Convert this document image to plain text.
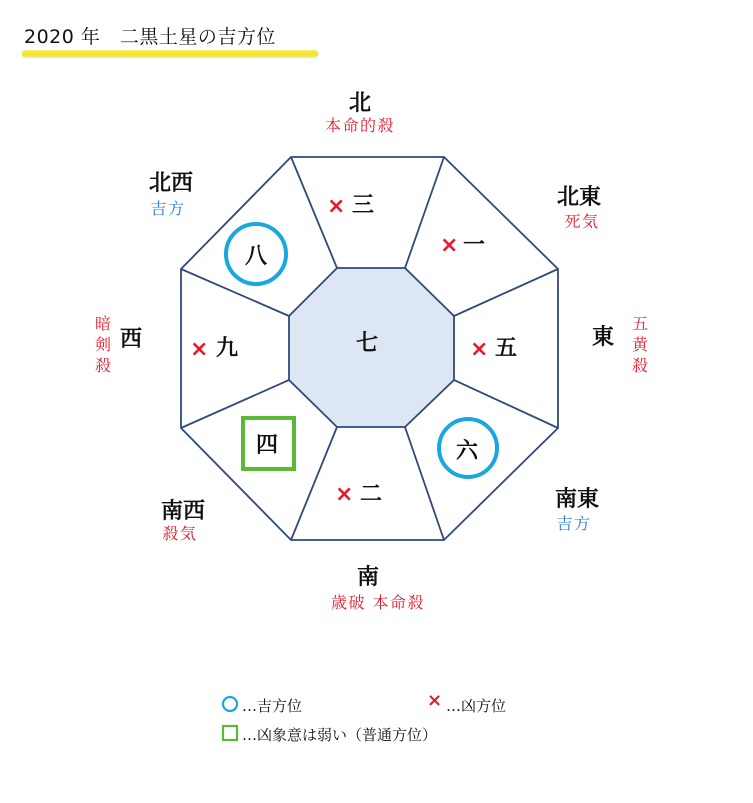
2020 年　二黒土星の吉方位
北
本命的殺
北東
死気
東
五
黄
殺
南東
吉方
南
歳破 本命殺
南西
殺気
西
暗
剣
殺
北西
吉方
七
× 三
× 一
× 五
六
× 二
四
× 九
八
…吉方位	× …凶方位
…凶象意は弱い（普通方位）
